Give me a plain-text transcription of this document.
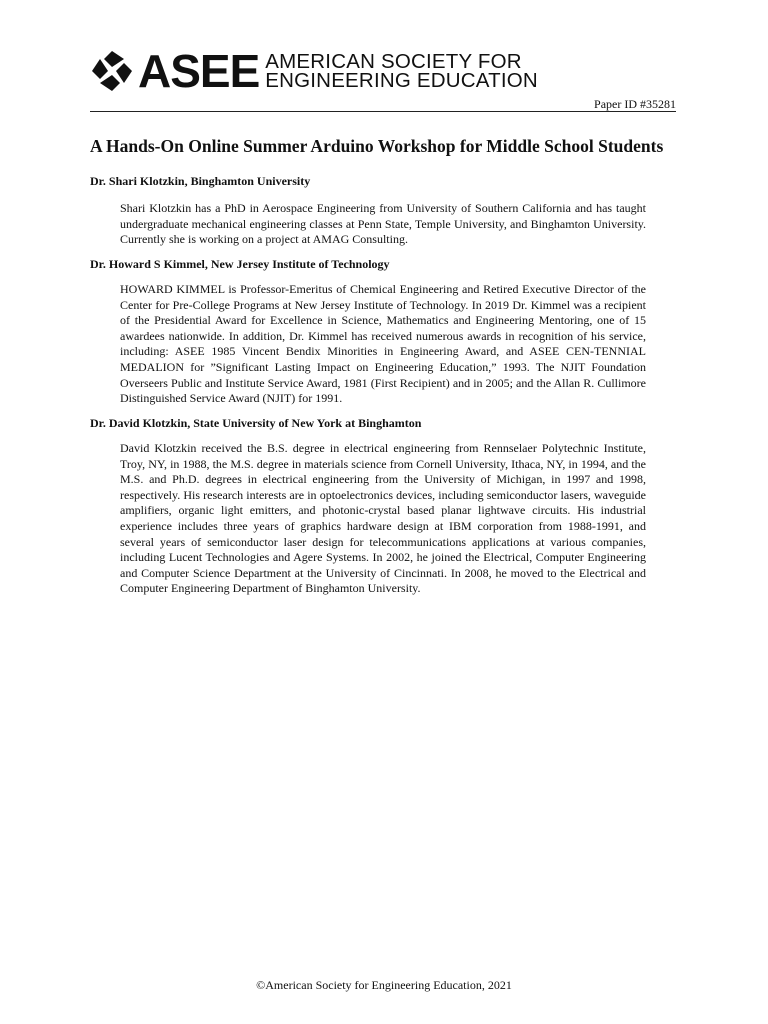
ASEE AMERICAN SOCIETY FOR
ENGINEERING EDUCATION
Paper ID #35281
A Hands-On Online Summer Arduino Workshop for Middle School Students
Dr. Shari Klotzkin, Binghamton University
Shari Klotzkin has a PhD in Aerospace Engineering from University of Southern California and has taught undergraduate mechanical engineering classes at Penn State, Temple University, and Binghamton University. Currently she is working on a project at AMAG Consulting.
Dr. Howard S Kimmel, New Jersey Institute of Technology
HOWARD KIMMEL is Professor-Emeritus of Chemical Engineering and Retired Executive Director of the Center for Pre-College Programs at New Jersey Institute of Technology. In 2019 Dr. Kimmel was a recipient of the Presidential Award for Excellence in Science, Mathematics and Engineering Mentoring, one of 15 awardees nationwide. In addition, Dr. Kimmel has received numerous awards in recognition of his service, including: ASEE 1985 Vincent Bendix Minorities in Engineering Award, and ASEE CEN-TENNIAL MEDALION for ”Significant Lasting Impact on Engineering Education,” 1993. The NJIT Foundation Overseers Public and Institute Service Award, 1981 (First Recipient) and in 2005; and the Allan R. Cullimore Distinguished Service Award (NJIT) for 1991.
Dr. David Klotzkin, State University of New York at Binghamton
David Klotzkin received the B.S. degree in electrical engineering from Rennselaer Polytechnic Institute, Troy, NY, in 1988, the M.S. degree in materials science from Cornell University, Ithaca, NY, in 1994, and the M.S. and Ph.D. degrees in electrical engineering from the University of Michigan, in 1997 and 1998, respectively. His research interests are in optoelectronics devices, including semiconductor lasers, waveguide amplifiers, organic light emitters, and photonic-crystal based planar lightwave circuits. His industrial experience includes three years of graphics hardware design at IBM corporation from 1988-1991, and several years of semiconductor laser design for telecommunications applications at various companies, including Lucent Technologies and Agere Systems. In 2002, he joined the Electrical, Computer Engineering and Computer Science Department at the University of Cincinnati. In 2008, he moved to the Electrical and Computer Engineering Department of Binghamton University.
©American Society for Engineering Education, 2021
